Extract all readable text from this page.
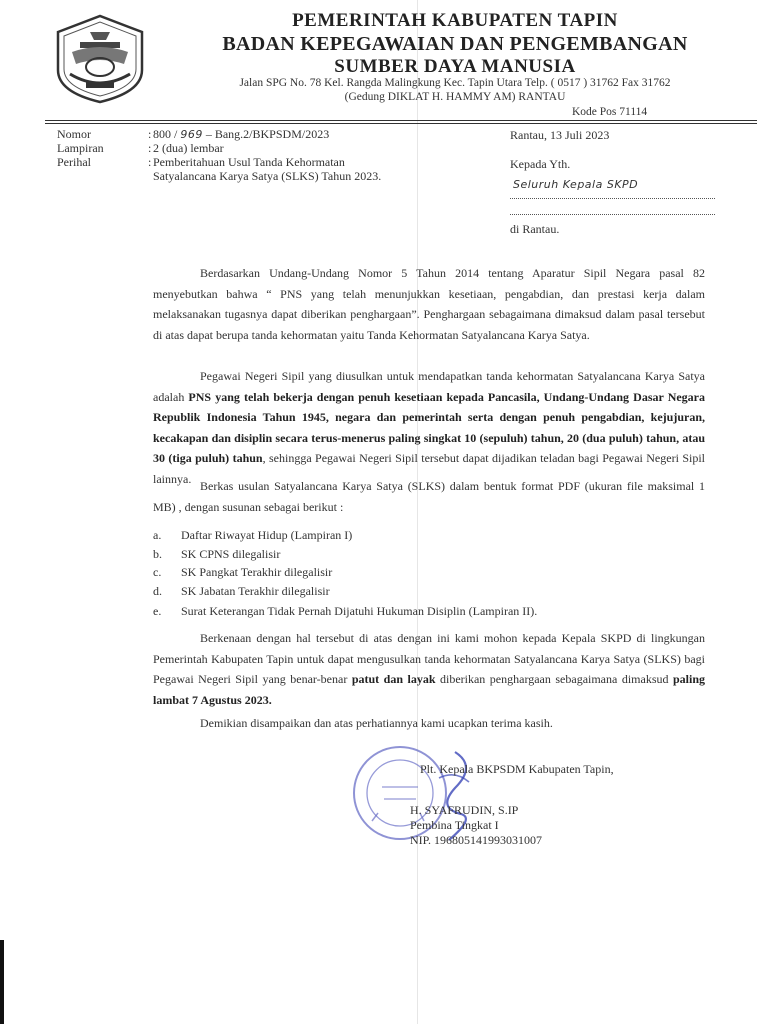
PEMERINTAH KABUPATEN TAPIN
BADAN KEPEGAWAIAN DAN PENGEMBANGAN
SUMBER DAYA MANUSIA
Jalan SPG No. 78 Kel. Rangda Malingkung Kec. Tapin Utara Telp. ( 0517 ) 31762 Fax 31762
(Gedung DIKLAT H. HAMMY AM) RANTAU
Kode Pos 71114
Nomor	: 800 / 969 – Bang.2/BKPSDM/2023
Lampiran	: 2 (dua) lembar
Perihal	: Pemberitahuan Usul Tanda Kehormatan
Satyalancana Karya Satya (SLKS) Tahun 2023.
Rantau, 13 Juli 2023
Kepada Yth.
Seluruh Kepala SKPD
di Rantau.

Berdasarkan Undang-Undang Nomor 5 Tahun 2014 tentang Aparatur Sipil Negara pasal 82 menyebutkan bahwa “ PNS yang telah menunjukkan kesetiaan, pengabdian, dan prestasi kerja dalam melaksanakan tugasnya dapat diberikan penghargaan”. Penghargaan sebagaimana dimaksud dalam pasal tersebut di atas dapat berupa tanda kehormatan yaitu Tanda Kehormatan Satyalancana Karya Satya.

Pegawai Negeri Sipil yang diusulkan untuk mendapatkan tanda kehormatan Satyalancana Karya Satya adalah PNS yang telah bekerja dengan penuh kesetiaan kepada Pancasila, Undang-Undang Dasar Negara Republik Indonesia Tahun 1945, negara dan pemerintah serta dengan penuh pengabdian, kejujuran, kecakapan dan disiplin secara terus-menerus paling singkat 10 (sepuluh) tahun, 20 (dua puluh) tahun, atau 30 (tiga puluh) tahun, sehingga Pegawai Negeri Sipil tersebut dapat dijadikan teladan bagi Pegawai Negeri Sipil lainnya.

Berkas usulan Satyalancana Karya Satya (SLKS) dalam bentuk format PDF (ukuran file maksimal 1 MB) , dengan susunan sebagai berikut :

a. Daftar Riwayat Hidup (Lampiran I)
b. SK CPNS dilegalisir
c. SK Pangkat Terakhir dilegalisir
d. SK Jabatan Terakhir dilegalisir
e. Surat Keterangan Tidak Pernah Dijatuhi Hukuman Disiplin (Lampiran II).

Berkenaan dengan hal tersebut di atas dengan ini kami mohon kepada Kepala SKPD di lingkungan Pemerintah Kabupaten Tapin untuk dapat mengusulkan tanda kehormatan Satyalancana Karya Satya (SLKS) bagi Pegawai Negeri Sipil yang benar-benar patut dan layak diberikan penghargaan sebagaimana dimaksud paling lambat 7 Agustus 2023.

Demikian disampaikan dan atas perhatiannya kami ucapkan terima kasih.

Plt. Kepala BKPSDM Kabupaten Tapin,
H. SYAFRUDIN, S.IP
Pembina Tingkat I
NIP. 196805141993031007
